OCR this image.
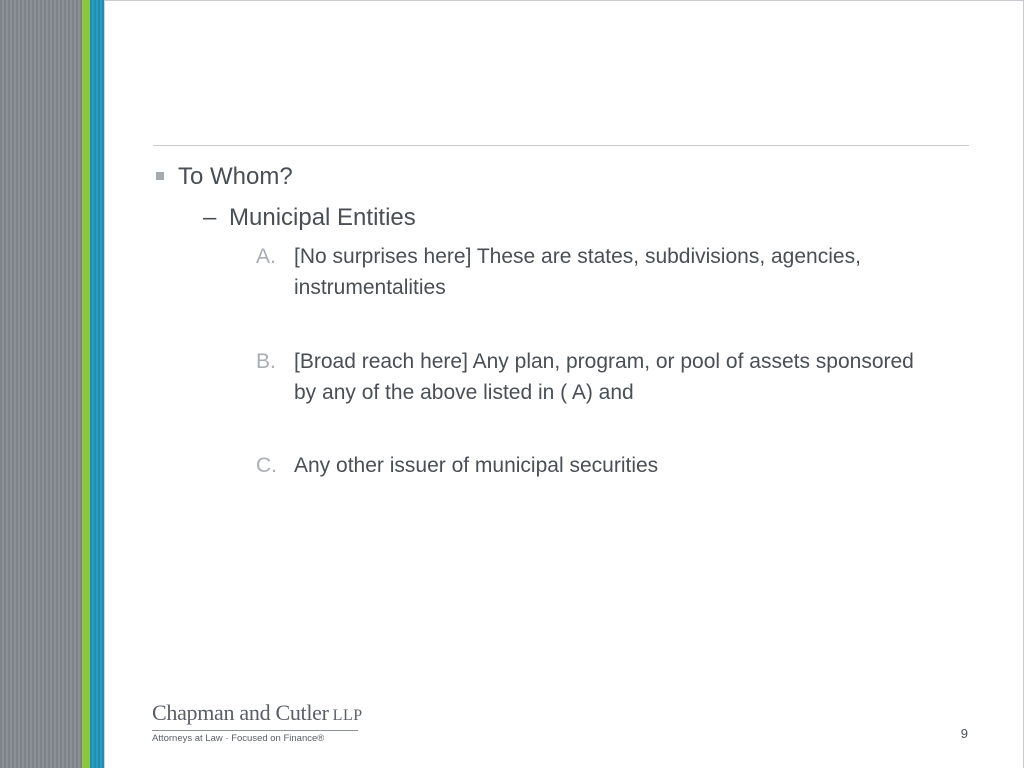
To Whom?
– Municipal Entities
A. [No surprises here] These are states, subdivisions, agencies, instrumentalities
B. [Broad reach here] Any plan, program, or pool of assets sponsored by any of the above listed in ( A) and
C. Any other issuer of municipal securities
Chapman and Cutler LLP
Attorneys at Law · Focused on Finance®	9
